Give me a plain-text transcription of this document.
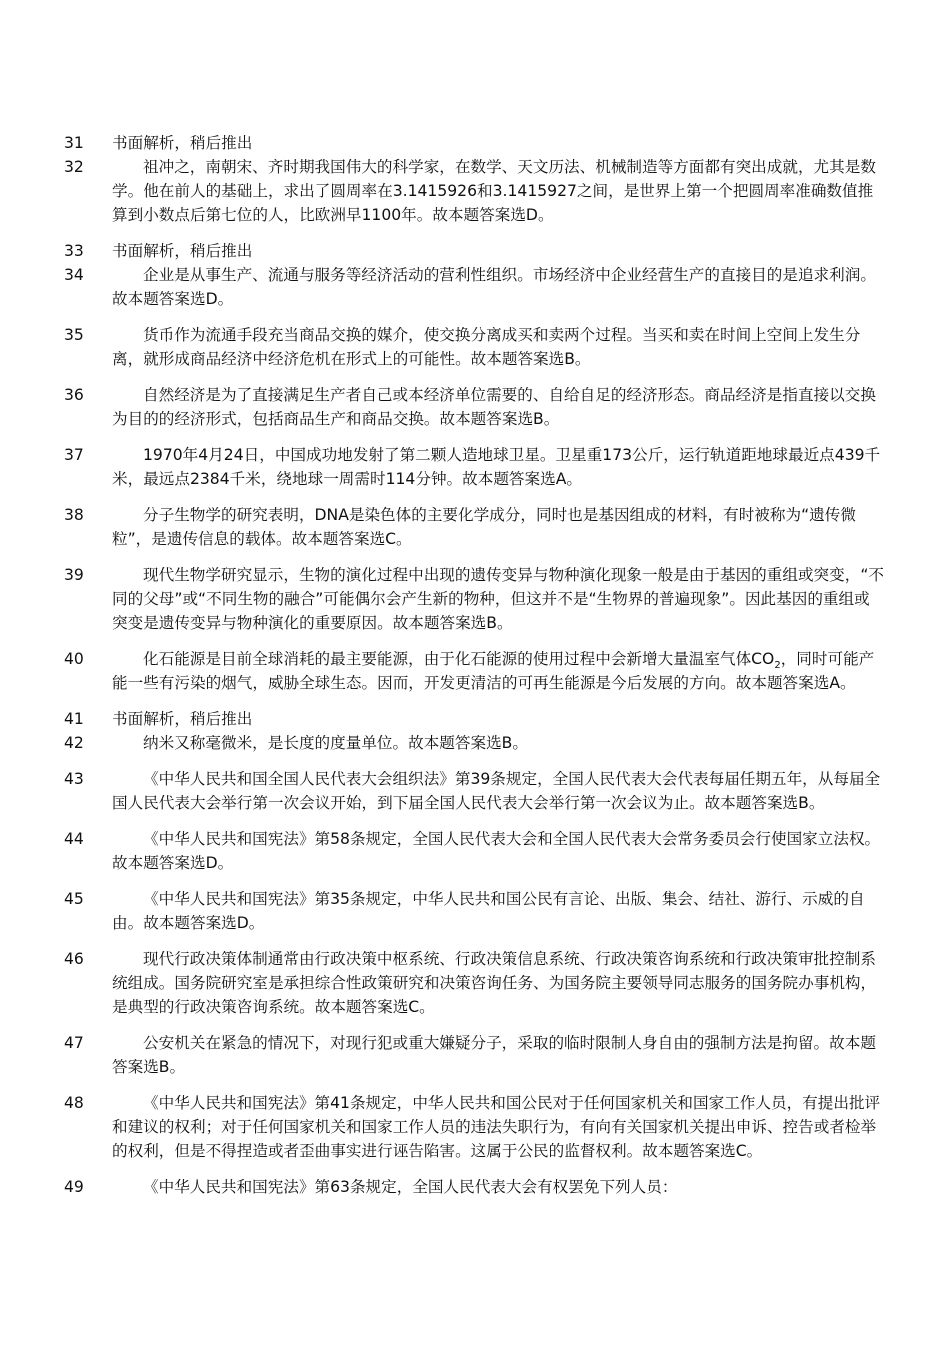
31	书面解析，稍后推出
32	祖冲之，南朝宋、齐时期我国伟大的科学家，在数学、天文历法、机械制造等方面都有突出成就，尤其是数学。他在前人的基础上，求出了圆周率在3.1415926和3.1415927之间，是世界上第一个把圆周率准确数值推算到小数点后第七位的人，比欧洲早1100年。故本题答案选D。
33	书面解析，稍后推出
34	企业是从事生产、流通与服务等经济活动的营利性组织。市场经济中企业经营生产的直接目的是追求利润。故本题答案选D。
35	货币作为流通手段充当商品交换的媒介，使交换分离成买和卖两个过程。当买和卖在时间上空间上发生分离，就形成商品经济中经济危机在形式上的可能性。故本题答案选B。
36	自然经济是为了直接满足生产者自己或本经济单位需要的、自给自足的经济形态。商品经济是指直接以交换为目的的经济形式，包括商品生产和商品交换。故本题答案选B。
37	1970年4月24日，中国成功地发射了第二颗人造地球卫星。卫星重173公斤，运行轨道距地球最近点439千米，最远点2384千米，绕地球一周需时114分钟。故本题答案选A。
38	分子生物学的研究表明，DNA是染色体的主要化学成分，同时也是基因组成的材料，有时被称为“遗传微粒”，是遗传信息的载体。故本题答案选C。
39	现代生物学研究显示，生物的演化过程中出现的遗传变异与物种演化现象一般是由于基因的重组或突变，“不同的父母”或“不同生物的融合”可能偶尔会产生新的物种，但这并不是“生物界的普遍现象”。因此基因的重组或突变是遗传变异与物种演化的重要原因。故本题答案选B。
40	化石能源是目前全球消耗的最主要能源，由于化石能源的使用过程中会新增大量温室气体$CO_2$，同时可能产能一些有污染的烟气，威胁全球生态。因而，开发更清洁的可再生能源是今后发展的方向。故本题答案选A。
41	书面解析，稍后推出
42	纳米又称毫微米，是长度的度量单位。故本题答案选B。
43	《中华人民共和国全国人民代表大会组织法》第39条规定，全国人民代表大会代表每届任期五年，从每届全国人民代表大会举行第一次会议开始，到下届全国人民代表大会举行第一次会议为止。故本题答案选B。
44	《中华人民共和国宪法》第58条规定，全国人民代表大会和全国人民代表大会常务委员会行使国家立法权。故本题答案选D。
45	《中华人民共和国宪法》第35条规定，中华人民共和国公民有言论、出版、集会、结社、游行、示威的自由。故本题答案选D。
46	现代行政决策体制通常由行政决策中枢系统、行政决策信息系统、行政决策咨询系统和行政决策审批控制系统组成。国务院研究室是承担综合性政策研究和决策咨询任务、为国务院主要领导同志服务的国务院办事机构，是典型的行政决策咨询系统。故本题答案选C。
47	公安机关在紧急的情况下，对现行犯或重大嫌疑分子，采取的临时限制人身自由的强制方法是拘留。故本题答案选B。
48	《中华人民共和国宪法》第41条规定，中华人民共和国公民对于任何国家机关和国家工作人员，有提出批评和建议的权利；对于任何国家机关和国家工作人员的违法失职行为，有向有关国家机关提出申诉、控告或者检举的权利，但是不得捏造或者歪曲事实进行诬告陷害。这属于公民的监督权利。故本题答案选C。
49	《中华人民共和国宪法》第63条规定，全国人民代表大会有权罢免下列人员：
